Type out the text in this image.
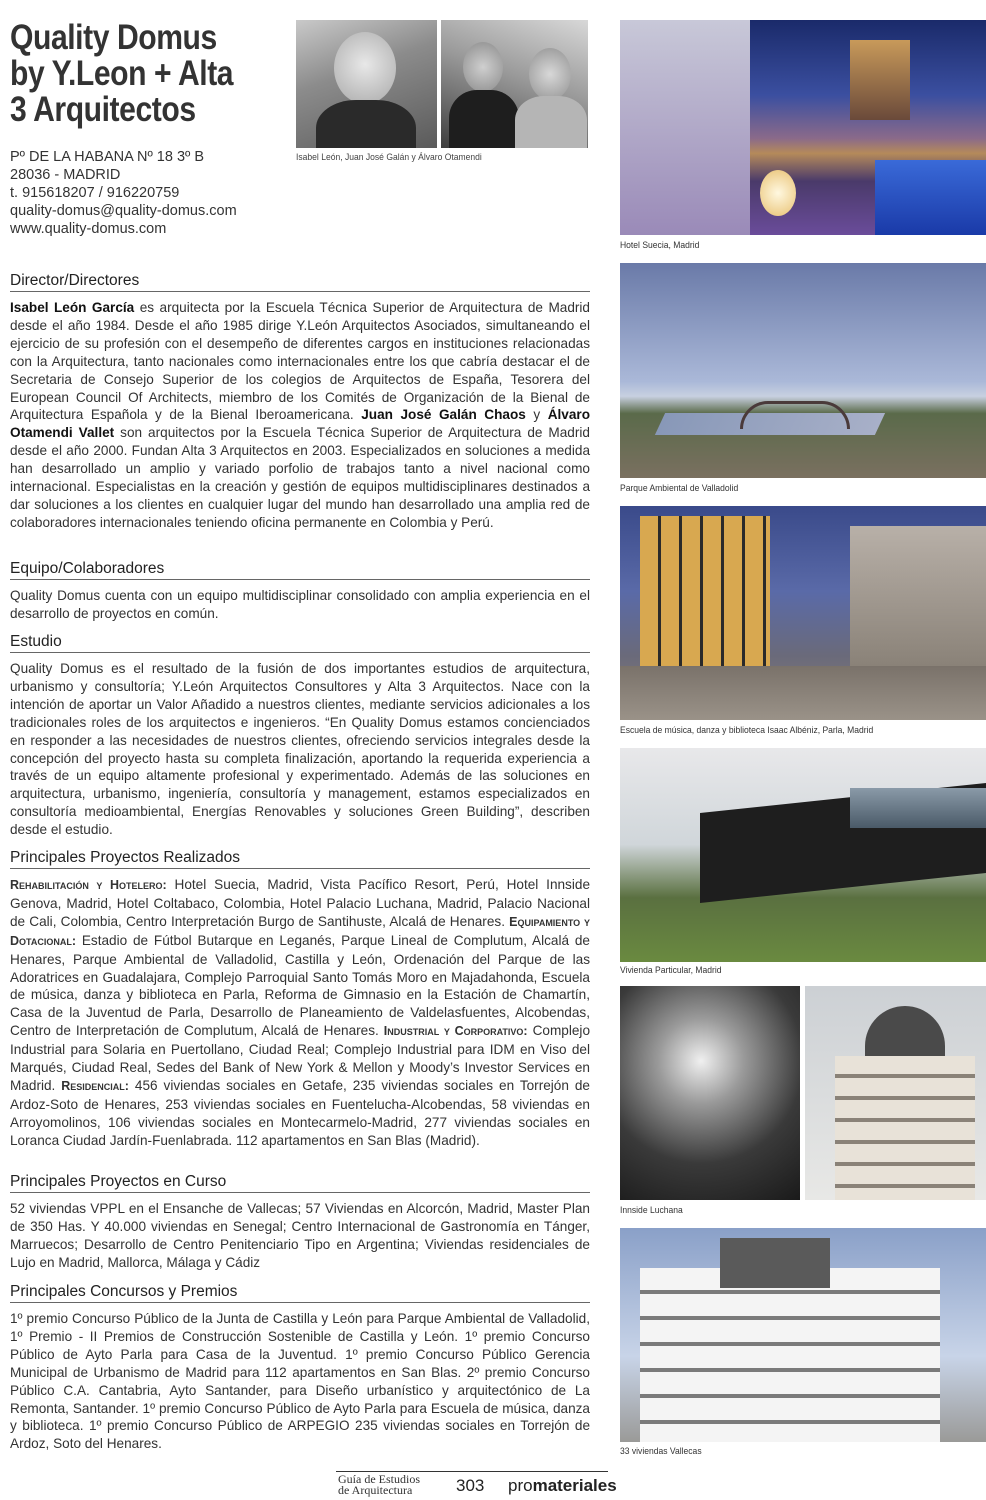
Quality Domus
by Y.Leon + Alta
3 Arquitectos
Pº DE LA HABANA Nº 18 3º B
28036 - MADRID
t. 915618207 / 916220759
quality-domus@quality-domus.com
www.quality-domus.com
Isabel León, Juan José Galán y Álvaro Otamendi
Director/Directores

Isabel León García es arquitecta por la Escuela Técnica Superior de Arquitectura de Madrid desde el año 1984. Desde el año 1985 dirige Y.León Arquitectos Asociados, simultaneando el ejercicio de su profesión con el desempeño de diferentes cargos en instituciones relacionadas con la Arquitectura, tanto nacionales como internacionales entre los que cabría destacar el de Secretaria de Consejo Superior de los colegios de Arquitectos de España, Tesorera del European Council Of Architects, miembro de los Comités de Organización de la Bienal de Arquitectura Española y de la Bienal Iberoamericana. Juan José Galán Chaos y Álvaro Otamendi Vallet son arquitectos por la Escuela Técnica Superior de Arquitectura de Madrid desde el año 2000. Fundan Alta 3 Arquitectos en 2003. Especializados en soluciones a medida han desarrollado un amplio y variado porfolio de trabajos tanto a nivel nacional como internacional. Especialistas en la creación y gestión de equipos multidisciplinares destinados a dar soluciones a los clientes en cualquier lugar del mundo han desarrollado una amplia red de colaboradores internacionales teniendo oficina permanente en Colombia y Perú.

Equipo/Colaboradores

Quality Domus cuenta con un equipo multidisciplinar consolidado con amplia experiencia en el desarrollo de proyectos en común.

Estudio

Quality Domus es el resultado de la fusión de dos importantes estudios de arquitectura, urbanismo y consultoría; Y.León Arquitectos Consultores y Alta 3 Arquitectos. Nace con la intención de aportar un Valor Añadido a nuestros clientes, mediante servicios adicionales a los tradicionales roles de los arquitectos e ingenieros. “En Quality Domus estamos concienciados en responder a las necesidades de nuestros clientes, ofreciendo servicios integrales desde la concepción del proyecto hasta su completa finalización, aportando la requerida experiencia a través de un equipo altamente profesional y experimentado. Además de las soluciones en arquitectura, urbanismo, ingeniería, consultoría y management, estamos especializados en consultoría medioambiental, Energías Renovables y soluciones Green Building”, describen desde el estudio.

Principales Proyectos Realizados

Rehabilitación y Hotelero: Hotel Suecia, Madrid, Vista Pacífico Resort, Perú, Hotel Innside Genova, Madrid, Hotel Coltabaco, Colombia, Hotel Palacio Luchana, Madrid, Palacio Nacional de Cali, Colombia, Centro Interpretación Burgo de Santihuste, Alcalá de Henares. Equipamiento y Dotacional: Estadio de Fútbol Butarque en Leganés, Parque Lineal de Complutum, Alcalá de Henares, Parque Ambiental de Valladolid, Castilla y León, Ordenación del Parque de las Adoratrices en Guadalajara, Complejo Parroquial Santo Tomás Moro en Majadahonda, Escuela de música, danza y biblioteca en Parla, Reforma de Gimnasio en la Estación de Chamartín, Casa de la Juventud de Parla, Desarrollo de Planeamiento de Valdelasfuentes, Alcobendas, Centro de Interpretación de Complutum, Alcalá de Henares. Industrial y Corporativo: Complejo Industrial para Solaria en Puertollano, Ciudad Real; Complejo Industrial para IDM en Viso del Marqués, Ciudad Real, Sedes del Bank of New York & Mellon y Moody’s Investor Services en Madrid. Residencial: 456 viviendas sociales en Getafe, 235 viviendas sociales en Torrejón de Ardoz-Soto de Henares, 253 viviendas sociales en Fuentelucha-Alcobendas, 58 viviendas en Arroyomolinos, 106 viviendas sociales en Montecarmelo-Madrid, 277 viviendas sociales en Loranca Ciudad Jardín-Fuenlabrada. 112 apartamentos en San Blas (Madrid).

Principales Proyectos en Curso

52 viviendas VPPL en el Ensanche de Vallecas; 57 Viviendas en Alcorcón, Madrid, Master Plan de 350 Has. Y 40.000 viviendas en Senegal; Centro Internacional de Gastronomía en Tánger, Marruecos; Desarrollo de Centro Penitenciario Tipo en Argentina; Viviendas residenciales de Lujo en Madrid, Mallorca, Málaga y Cádiz

Principales Concursos y Premios

1º premio Concurso Público de la Junta de Castilla y León para Parque Ambiental de Valladolid, 1º Premio - II Premios de Construcción Sostenible de Castilla y León. 1º premio Concurso Público de Ayto Parla para Casa de la Juventud. 1º premio Concurso Público Gerencia Municipal de Urbanismo de Madrid para 112 apartamentos en San Blas. 2º premio Concurso Público C.A. Cantabria, Ayto Santander, para Diseño urbanístico y arquitectónico de La Remonta, Santander. 1º premio Concurso Público de Ayto Parla para Escuela de música, danza y biblioteca. 1º premio Concurso Público de ARPEGIO 235 viviendas sociales en Torrejón de Ardoz, Soto del Henares.

Hotel Suecia, Madrid
Parque Ambiental de Valladolid
Escuela de música, danza y biblioteca Isaac Albéniz, Parla, Madrid
Vivienda Particular, Madrid
Innside Luchana
33 viviendas Vallecas
Guía de Estudios
de Arquitectura	303 promateriales
